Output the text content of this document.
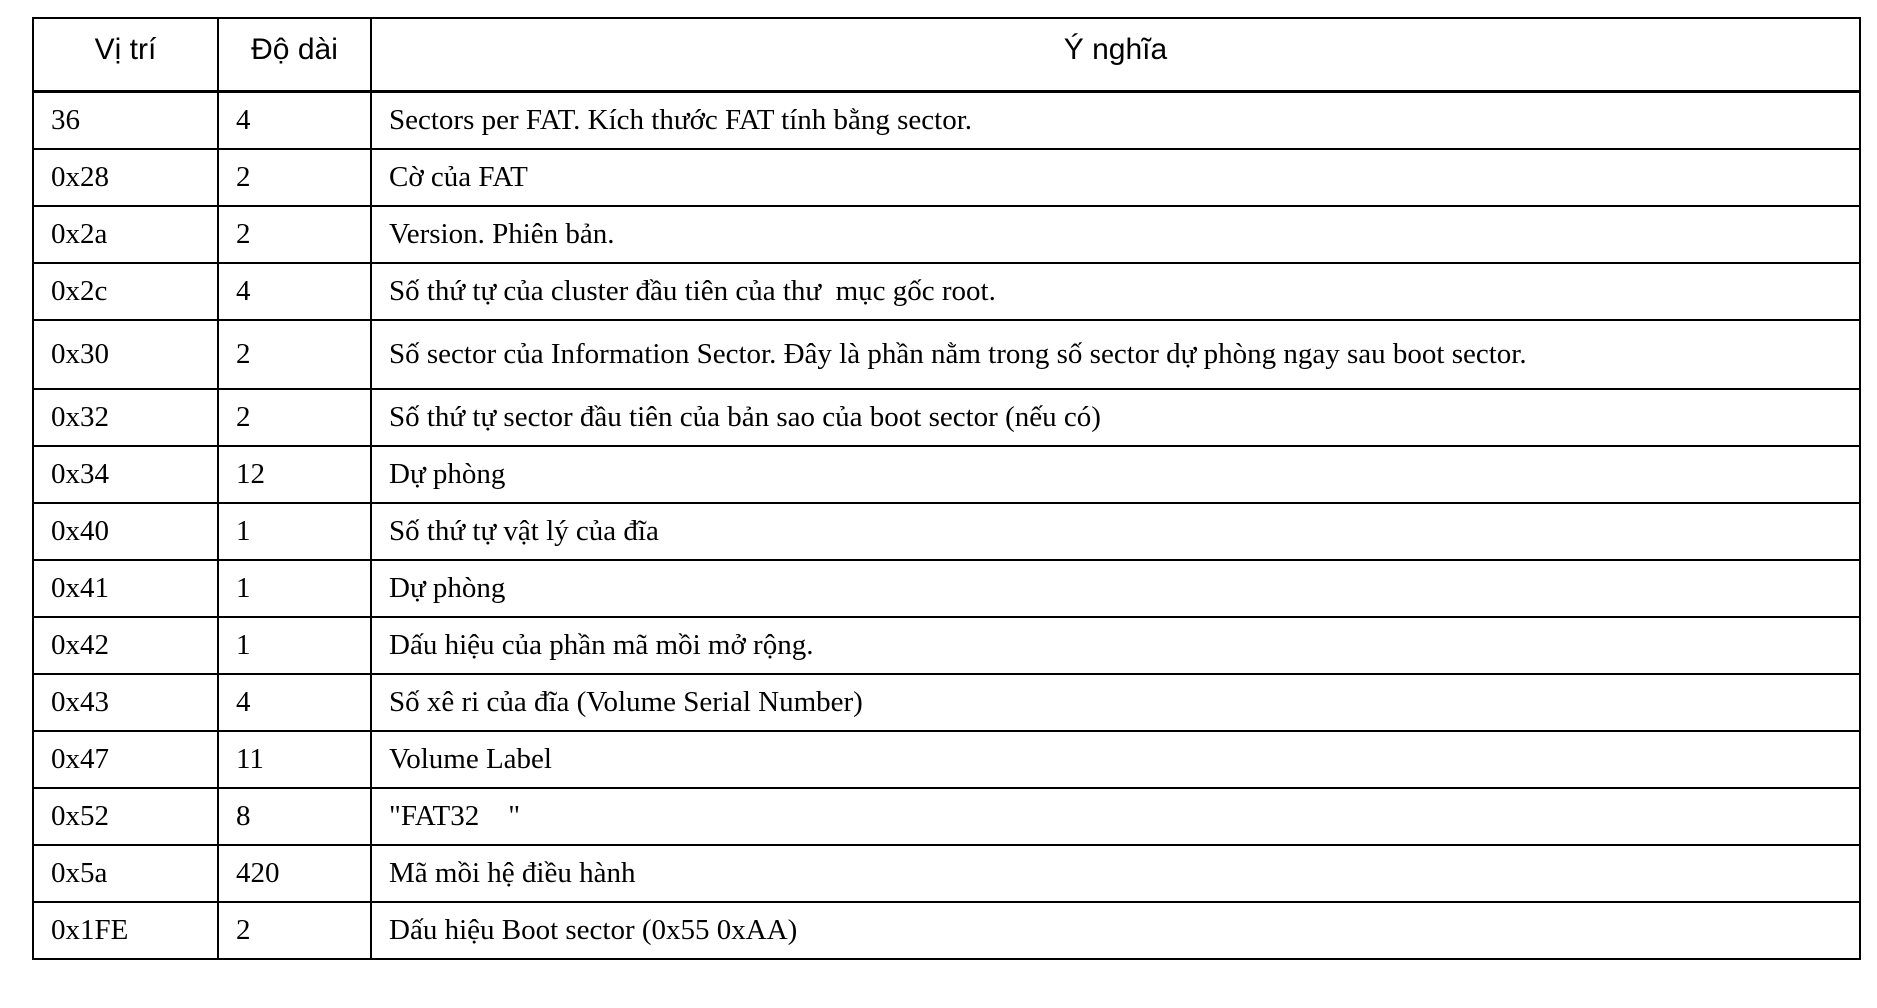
Vị trí	Độ dài	Ý nghĩa
36	4	Sectors per FAT. Kích thước FAT tính bằng sector.
0x28	2	Cờ của FAT
0x2a	2	Version. Phiên bản.
0x2c	4	Số thứ tự của cluster đầu tiên của thư  mục gốc root.
0x30	2	Số sector của Information Sector. Đây là phần nằm trong số sector dự phòng ngay sau boot sector.
0x32	2	Số thứ tự sector đầu tiên của bản sao của boot sector (nếu có)
0x34	12	Dự phòng
0x40	1	Số thứ tự vật lý của đĩa
0x41	1	Dự phòng
0x42	1	Dấu hiệu của phần mã mồi mở rộng.
0x43	4	Số xê ri của đĩa (Volume Serial Number)
0x47	11	Volume Label
0x52	8	"FAT32    "
0x5a	420	Mã mồi hệ điều hành
0x1FE	2	Dấu hiệu Boot sector (0x55 0xAA)
